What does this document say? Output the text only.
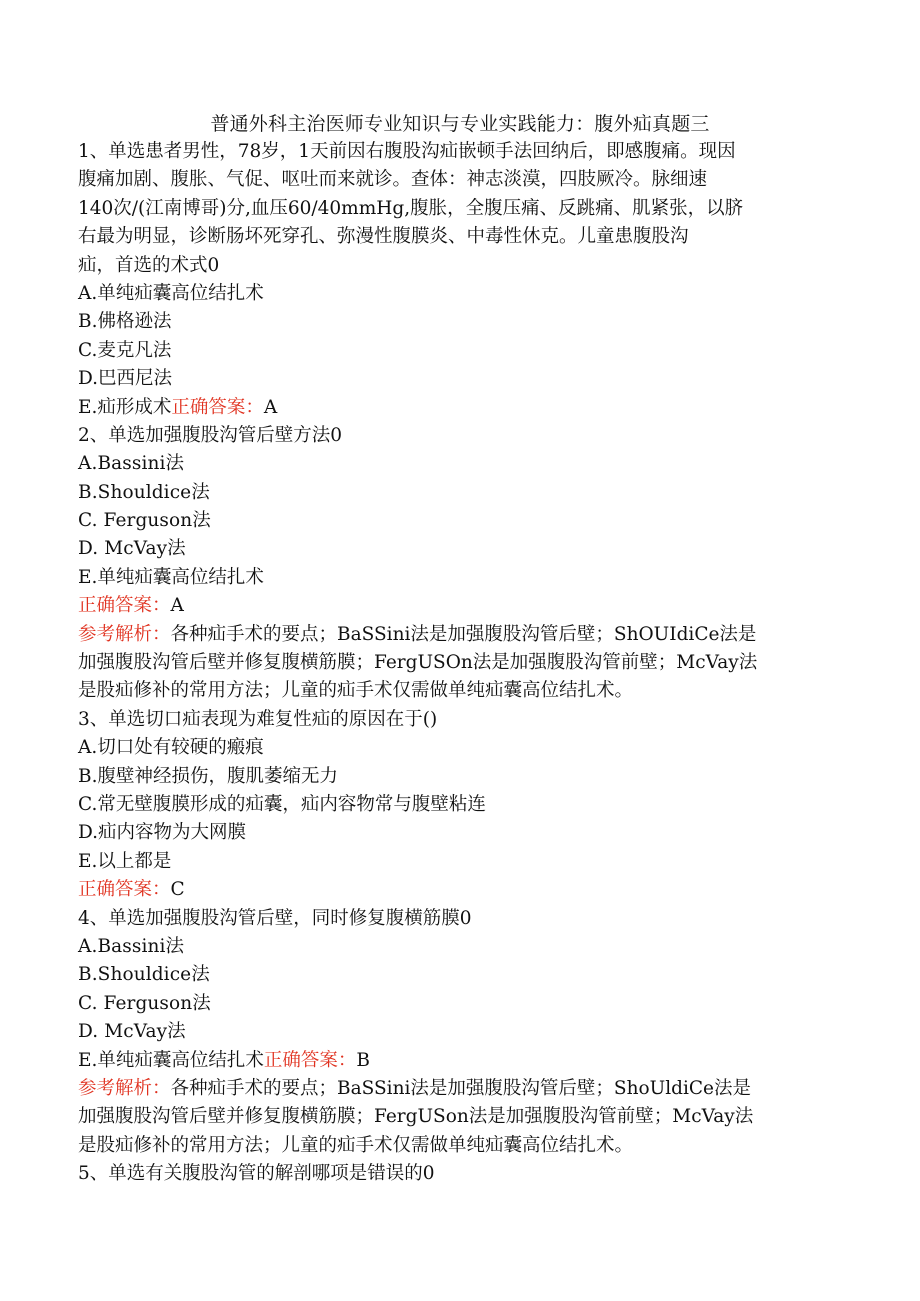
普通外科主治医师专业知识与专业实践能力：腹外疝真题三
1、单选患者男性，78岁，1天前因右腹股沟疝嵌顿手法回纳后，即感腹痛。现因
腹痛加剧、腹胀、气促、呕吐而来就诊。查体：神志淡漠，四肢厥冷。脉细速
140次/(江南博哥)分,血压60/40mmHg,腹胀，全腹压痛、反跳痛、肌紧张，以脐
右最为明显，诊断肠坏死穿孔、弥漫性腹膜炎、中毒性休克。儿童患腹股沟
疝，首选的术式0
A.单纯疝囊高位结扎术
B.佛格逊法
C.麦克凡法
D.巴西尼法
E.疝形成术正确答案：A
2、单选加强腹股沟管后壁方法0
A.Bassini法
B.Shouldice法
C. Ferguson法
D. McVay法
E.单纯疝囊高位结扎术
正确答案：A
参考解析：各种疝手术的要点；BaSSini法是加强腹股沟管后壁；ShOUIdiCe法是
加强腹股沟管后壁并修复腹横筋膜；FergUSOn法是加强腹股沟管前壁；McVay法
是股疝修补的常用方法；儿童的疝手术仅需做单纯疝囊高位结扎术。
3、单选切口疝表现为难复性疝的原因在于()
A.切口处有较硬的瘢痕
B.腹壁神经损伤，腹肌萎缩无力
C.常无壁腹膜形成的疝囊，疝内容物常与腹壁粘连
D.疝内容物为大网膜
E.以上都是
正确答案：C
4、单选加强腹股沟管后壁，同时修复腹横筋膜0
A.Bassini法
B.Shouldice法
C. Ferguson法
D. McVay法
E.单纯疝囊高位结扎术正确答案：B
参考解析：各种疝手术的要点；BaSSini法是加强腹股沟管后壁；ShoUldiCe法是
加强腹股沟管后壁并修复腹横筋膜；FergUSon法是加强腹股沟管前壁；McVay法
是股疝修补的常用方法；儿童的疝手术仅需做单纯疝囊高位结扎术。
5、单选有关腹股沟管的解剖哪项是错误的0
